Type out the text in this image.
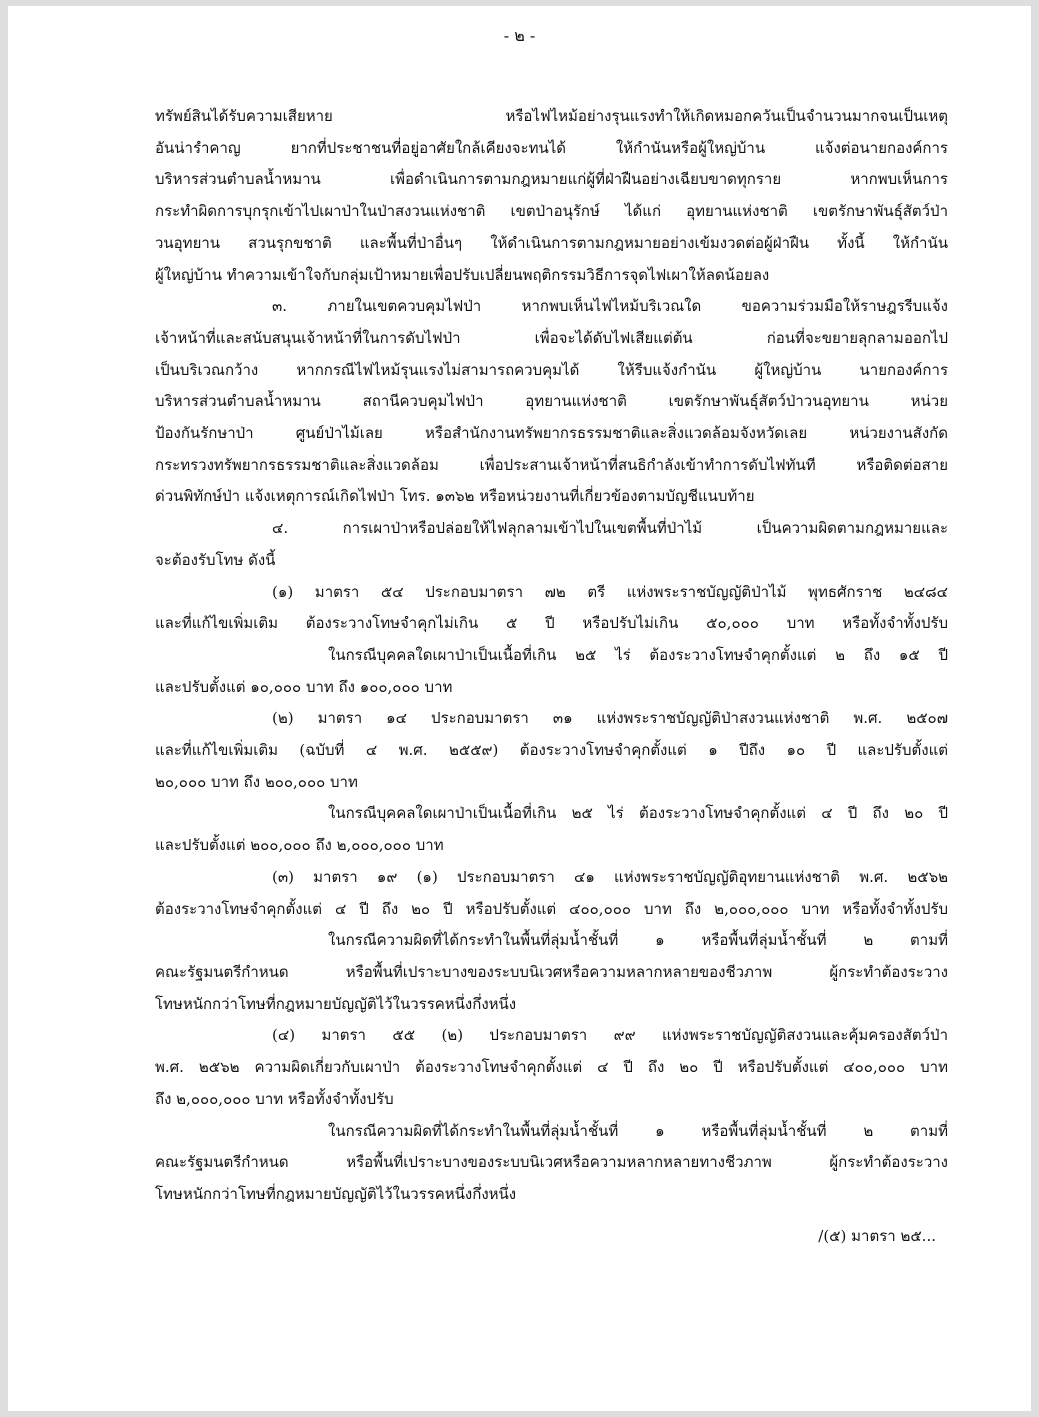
- ๒ -
ทรัพย์สินได้รับความเสียหาย หรือไฟไหม้อย่างรุนแรงทำให้เกิดหมอกควันเป็นจำนวนมากจนเป็นเหตุ
อันน่ารำคาญ ยากที่ประชาชนที่อยู่อาศัยใกล้เคียงจะทนได้ ให้กำนันหรือผู้ใหญ่บ้าน แจ้งต่อนายกองค์การ
บริหารส่วนตำบลน้ำหมาน เพื่อดำเนินการตามกฎหมายแก่ผู้ที่ฝ่าฝืนอย่างเฉียบขาดทุกราย หากพบเห็นการ
กระทำผิดการบุกรุกเข้าไปเผาป่าในป่าสงวนแห่งชาติ เขตป่าอนุรักษ์ ได้แก่ อุทยานแห่งชาติ เขตรักษาพันธุ์สัตว์ป่า
วนอุทยาน สวนรุกขชาติ และพื้นที่ป่าอื่นๆ ให้ดำเนินการตามกฎหมายอย่างเข้มงวดต่อผู้ฝ่าฝืน ทั้งนี้ ให้กำนัน
ผู้ใหญ่บ้าน ทำความเข้าใจกับกลุ่มเป้าหมายเพื่อปรับเปลี่ยนพฤติกรรมวิธีการจุดไฟเผาให้ลดน้อยลง
๓. ภายในเขตควบคุมไฟป่า หากพบเห็นไฟไหม้บริเวณใด ขอความร่วมมือให้ราษฎรรีบแจ้ง
เจ้าหน้าที่และสนับสนุนเจ้าหน้าที่ในการดับไฟป่า เพื่อจะได้ดับไฟเสียแต่ต้น ก่อนที่จะขยายลุกลามออกไป
เป็นบริเวณกว้าง หากกรณีไฟไหม้รุนแรงไม่สามารถควบคุมได้ ให้รีบแจ้งกำนัน ผู้ใหญ่บ้าน นายกองค์การ
บริหารส่วนตำบลน้ำหมาน สถานีควบคุมไฟป่า อุทยานแห่งชาติ เขตรักษาพันธุ์สัตว์ป่าวนอุทยาน หน่วย
ป้องกันรักษาป่า ศูนย์ป่าไม้เลย หรือสำนักงานทรัพยากรธรรมชาติและสิ่งแวดล้อมจังหวัดเลย หน่วยงานสังกัด
กระทรวงทรัพยากรธรรมชาติและสิ่งแวดล้อม เพื่อประสานเจ้าหน้าที่สนธิกำลังเข้าทำการดับไฟทันที หรือติดต่อสาย
ด่วนพิทักษ์ป่า แจ้งเหตุการณ์เกิดไฟป่า โทร. ๑๓๖๒ หรือหน่วยงานที่เกี่ยวข้องตามบัญชีแนบท้าย
๔. การเผาป่าหรือปล่อยให้ไฟลุกลามเข้าไปในเขตพื้นที่ป่าไม้ เป็นความผิดตามกฎหมายและ
จะต้องรับโทษ ดังนี้
(๑) มาตรา ๕๔ ประกอบมาตรา ๗๒ ตรี แห่งพระราชบัญญัติป่าไม้ พุทธศักราช ๒๔๘๔
และที่แก้ไขเพิ่มเติม ต้องระวางโทษจำคุกไม่เกิน ๕ ปี หรือปรับไม่เกิน ๕๐,๐๐๐ บาท หรือทั้งจำทั้งปรับ
ในกรณีบุคคลใดเผาป่าเป็นเนื้อที่เกิน ๒๕ ไร่ ต้องระวางโทษจำคุกตั้งแต่ ๒ ถึง ๑๕ ปี
และปรับตั้งแต่ ๑๐,๐๐๐ บาท ถึง ๑๐๐,๐๐๐ บาท
(๒) มาตรา ๑๔ ประกอบมาตรา ๓๑ แห่งพระราชบัญญัติป่าสงวนแห่งชาติ พ.ศ. ๒๕๐๗
และที่แก้ไขเพิ่มเติม (ฉบับที่ ๔ พ.ศ. ๒๕๕๙) ต้องระวางโทษจำคุกตั้งแต่ ๑ ปีถึง ๑๐ ปี และปรับตั้งแต่
๒๐,๐๐๐ บาท ถึง ๒๐๐,๐๐๐ บาท
ในกรณีบุคคลใดเผาป่าเป็นเนื้อที่เกิน ๒๕ ไร่ ต้องระวางโทษจำคุกตั้งแต่ ๔ ปี ถึง ๒๐ ปี
และปรับตั้งแต่ ๒๐๐,๐๐๐ ถึง ๒,๐๐๐,๐๐๐ บาท
(๓) มาตรา ๑๙ (๑) ประกอบมาตรา ๔๑ แห่งพระราชบัญญัติอุทยานแห่งชาติ พ.ศ. ๒๕๖๒
ต้องระวางโทษจำคุกตั้งแต่ ๔ ปี ถึง ๒๐ ปี หรือปรับตั้งแต่ ๔๐๐,๐๐๐ บาท ถึง ๒,๐๐๐,๐๐๐ บาท หรือทั้งจำทั้งปรับ
ในกรณีความผิดที่ได้กระทำในพื้นที่ลุ่มน้ำชั้นที่ ๑ หรือพื้นที่ลุ่มน้ำชั้นที่ ๒ ตามที่
คณะรัฐมนตรีกำหนด หรือพื้นที่เปราะบางของระบบนิเวศหรือความหลากหลายของชีวภาพ ผู้กระทำต้องระวาง
โทษหนักกว่าโทษที่กฎหมายบัญญัติไว้ในวรรคหนึ่งกึ่งหนึ่ง
(๔) มาตรา ๕๕ (๒) ประกอบมาตรา ๙๙ แห่งพระราชบัญญัติสงวนและคุ้มครองสัตว์ป่า
พ.ศ. ๒๕๖๒ ความผิดเกี่ยวกับเผาป่า ต้องระวางโทษจำคุกตั้งแต่ ๔ ปี ถึง ๒๐ ปี หรือปรับตั้งแต่ ๔๐๐,๐๐๐ บาท
ถึง ๒,๐๐๐,๐๐๐ บาท หรือทั้งจำทั้งปรับ
ในกรณีความผิดที่ได้กระทำในพื้นที่ลุ่มน้ำชั้นที่ ๑ หรือพื้นที่ลุ่มน้ำชั้นที่ ๒ ตามที่
คณะรัฐมนตรีกำหนด หรือพื้นที่เปราะบางของระบบนิเวศหรือความหลากหลายทางชีวภาพ ผู้กระทำต้องระวาง
โทษหนักกว่าโทษที่กฎหมายบัญญัติไว้ในวรรคหนึ่งกึ่งหนึ่ง
/(๕) มาตรา ๒๕...
